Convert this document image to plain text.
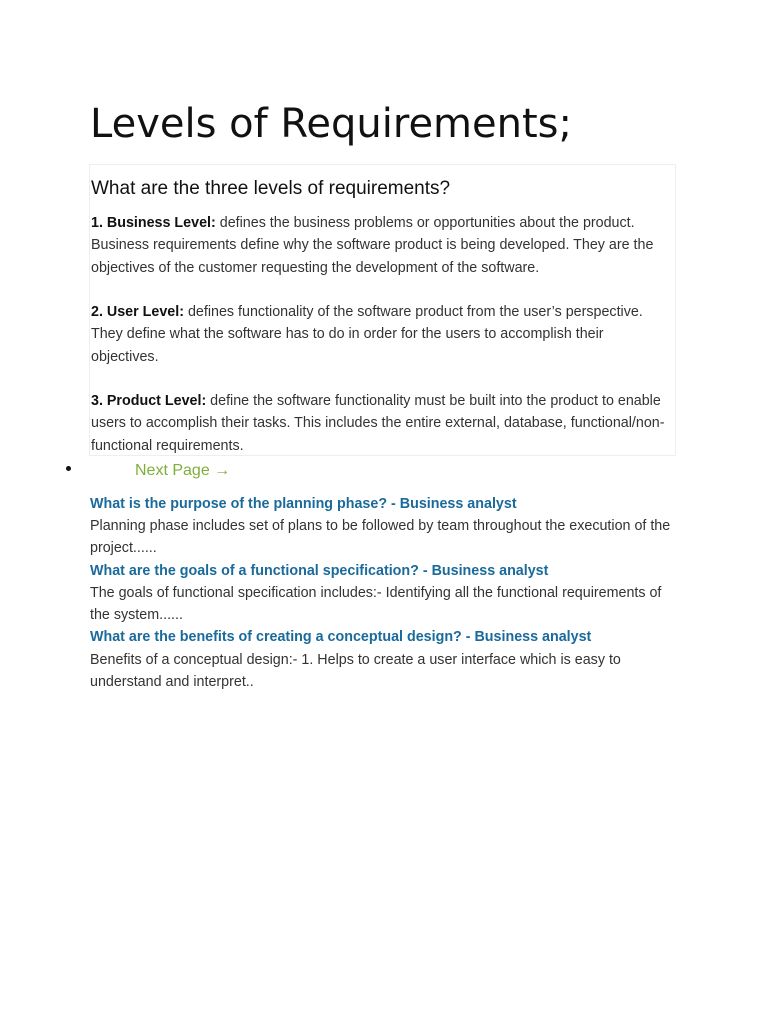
Levels of Requirements;
What are the three levels of requirements?

1. Business Level: defines the business problems or opportunities about the product. Business requirements define why the software product is being developed. They are the objectives of the customer requesting the development of the software.

2. User Level: defines functionality of the software product from the user’s perspective. They define what the software has to do in order for the users to accomplish their objectives.

3. Product Level: define the software functionality must be built into the product to enable users to accomplish their tasks. This includes the entire external, database, functional/non-functional requirements.

Next Page →
What is the purpose of the planning phase? - Business analyst

Planning phase includes set of plans to be followed by team throughout the execution of the project......

What are the goals of a functional specification? - Business analyst

The goals of functional specification includes:- Identifying all the functional requirements of the system......

What are the benefits of creating a conceptual design? - Business analyst

Benefits of a conceptual design:- 1. Helps to create a user interface which is easy to understand and interpret..
